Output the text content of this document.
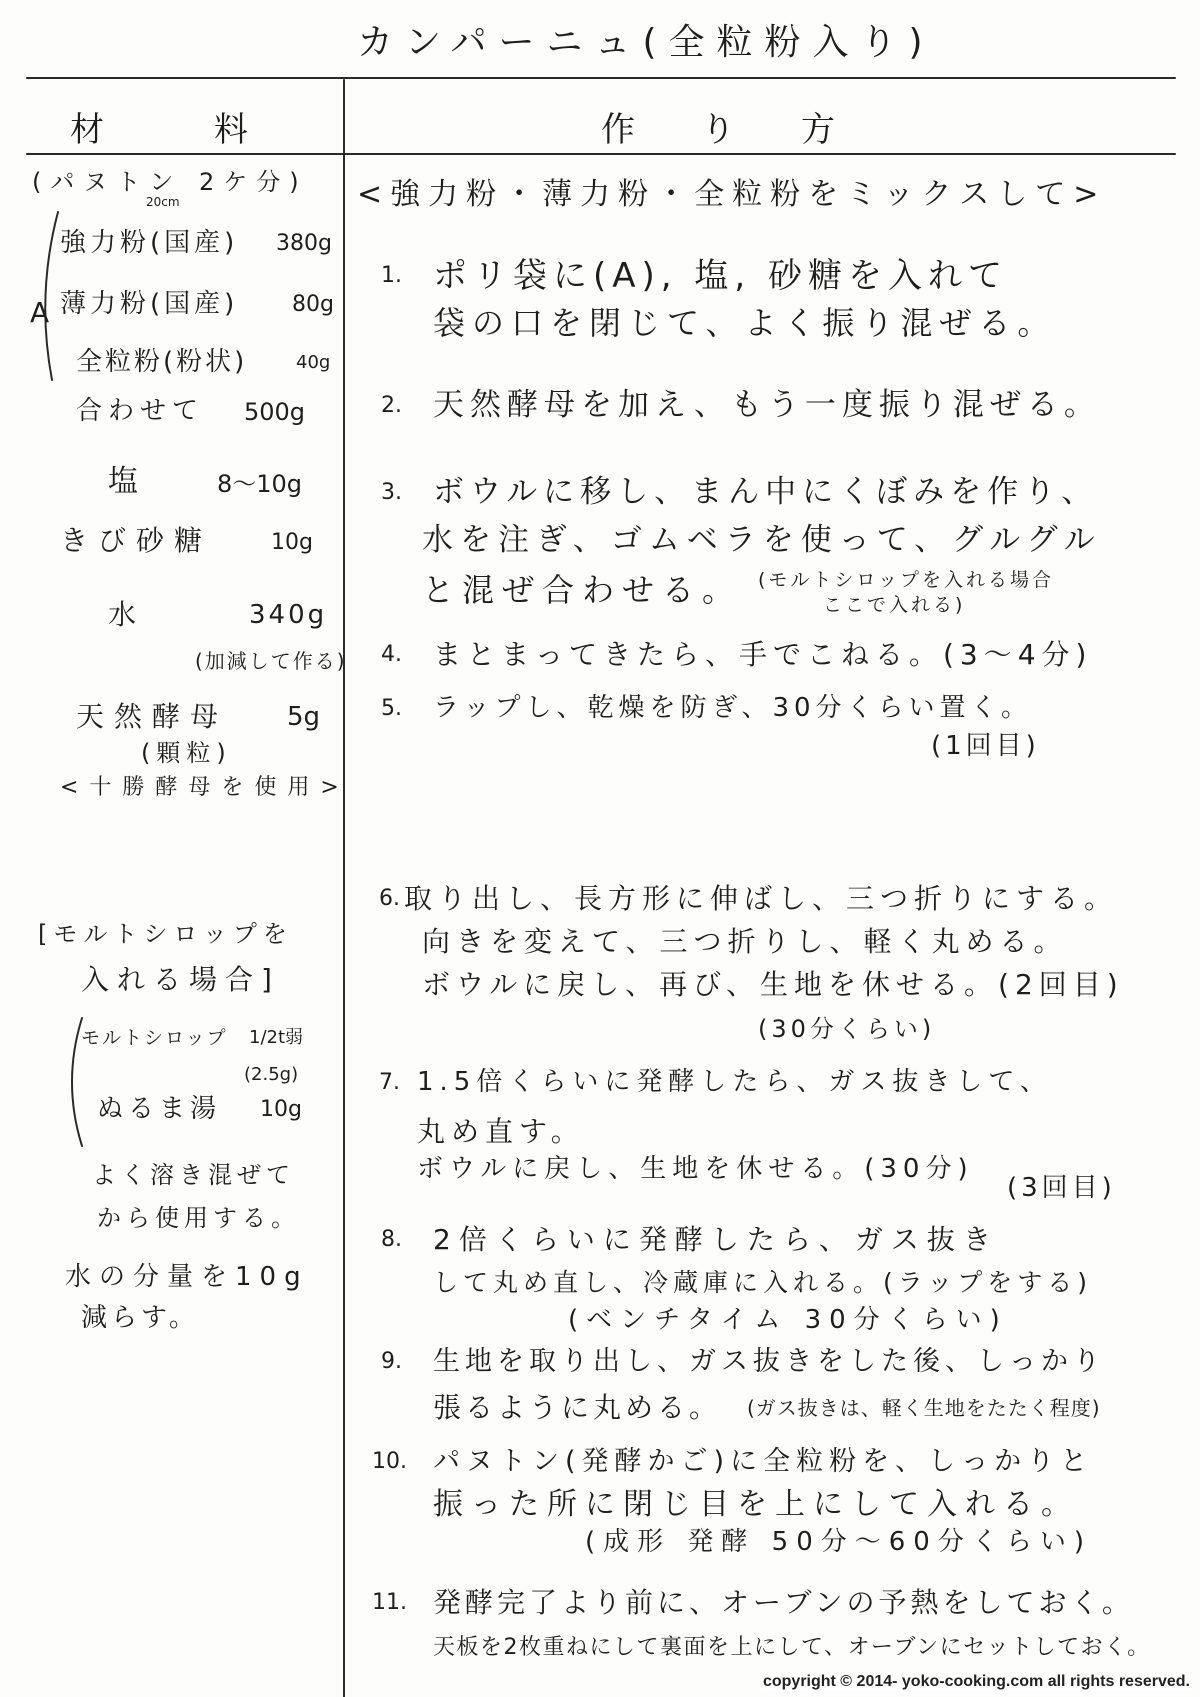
カンパーニュ(全粒粉入り)
材料	作り方
(パヌトン 2ケ分)
20cm
A
強力粉(国産) 380g
薄力粉(国産) 80g
全粒粉(粉状)	40g
合わせて 500g
塩	8～10g
きび砂糖	10g
水	340g
(加減して作る)
天然酵母 5g
(顆粒)
<十勝酵母を使用>
[モルトシロップを
入れる場合]
モルトシロップ 1/2t弱
(2.5g)
ぬるま湯 10g
よく溶き混ぜて
から使用する。
水の分量を10g
減らす。
<強力粉・薄力粉・全粒粉をミックスして>
1. ポリ袋に(A), 塩, 砂糖を入れて
袋の口を閉じて、よく振り混ぜる。
2. 天然酵母を加え、もう一度振り混ぜる。
3. ボウルに移し、まん中にくぼみを作り、
水を注ぎ、ゴムベラを使って、グルグル
と混ぜ合わせる。 (モルトシロップを入れる場合
ここで入れる)
4. まとまってきたら、手でこねる。(3～4分)
5. ラップし、乾燥を防ぎ、30分くらい置く。
(1回目)
6. 取り出し、長方形に伸ばし、三つ折りにする。
向きを変えて、三つ折りし、軽く丸める。
ボウルに戻し、再び、生地を休せる。(2回目)
(30分くらい)
7. 1.5倍くらいに発酵したら、ガス抜きして、
丸め直す。
ボウルに戻し、生地を休せる。(30分)
(3回目)
8. 2倍くらいに発酵したら、ガス抜き
して丸め直し、冷蔵庫に入れる。(ラップをする)
(ベンチタイム 30分くらい)
9. 生地を取り出し、ガス抜きをした後、しっかり
張るように丸める。 (ガス抜きは、軽く生地をたたく程度)
10. パヌトン(発酵かご)に全粒粉を、しっかりと
振った所に閉じ目を上にして入れる。
(成形 発酵 50分～60分くらい)
11. 発酵完了より前に、オーブンの予熱をしておく。
天板を2枚重ねにして裏面を上にして、オーブンにセットしておく。
copyright © 2014- yoko-cooking.com all rights reserved.
